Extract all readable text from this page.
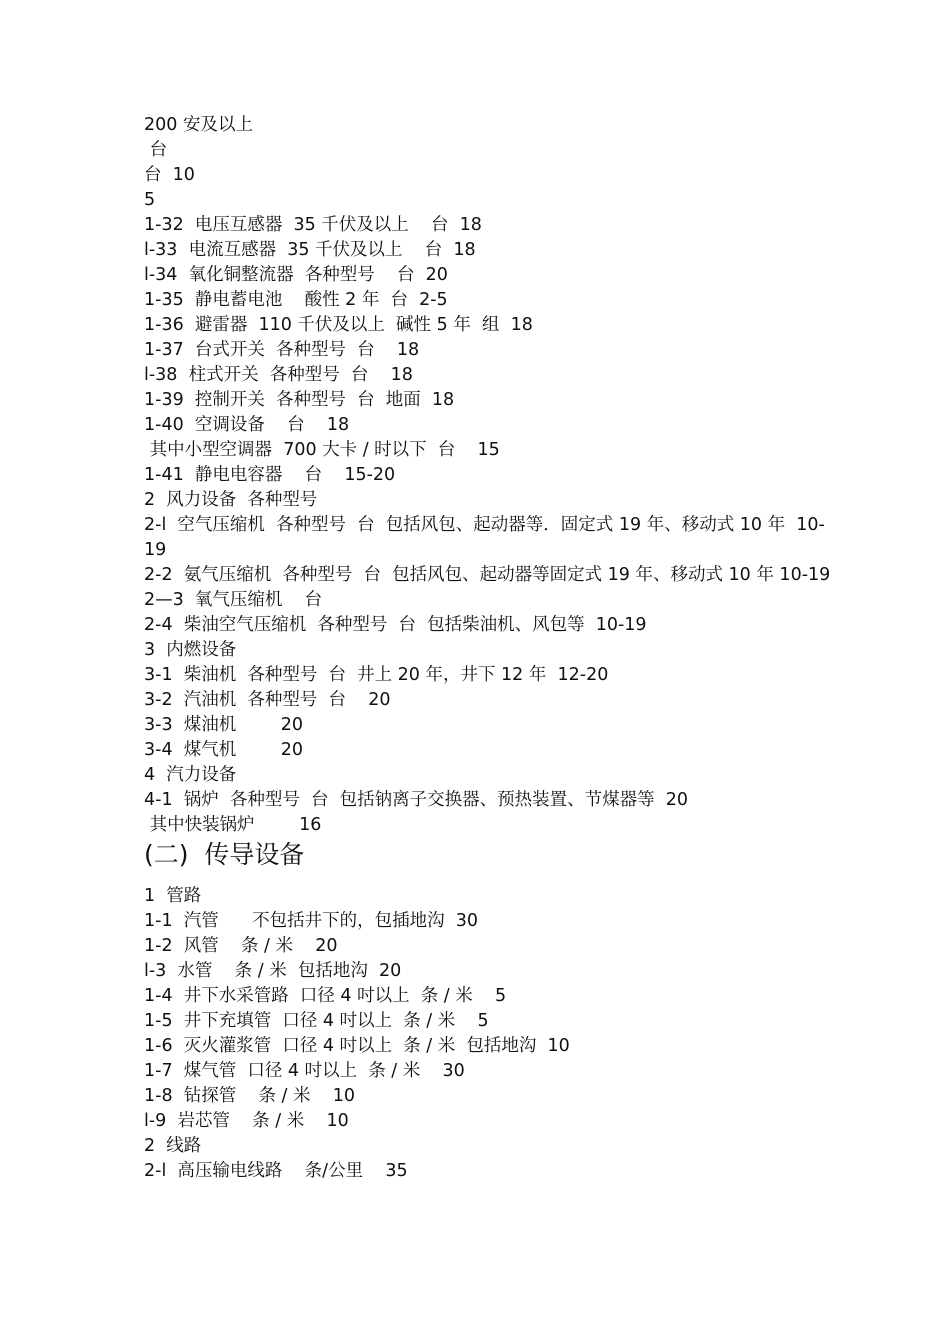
200 安及以上
台
台  10
5
1-32  电压互感器  35 千伏及以上    台  18
l-33  电流互感器  35 千伏及以上    台  18
l-34  氧化铜整流器  各种型号    台  20
1-35  静电蓄电池    酸性 2 年  台  2-5
1-36  避雷器  110 千伏及以上  碱性 5 年  组  18
1-37  台式开关  各种型号  台    18
l-38  柱式开关  各种型号  台    18
1-39  控制开关  各种型号  台  地面  18
1-40  空调设备    台    18
其中小型空调器  700 大卡 / 时以下  台    15
1-41  静电电容器    台    15-20
2  风力设备  各种型号
2-l  空气压缩机  各种型号  台  包括风包、起动器等．固定式 19 年、移动式 10 年  10-19
2-2  氨气压缩机  各种型号  台  包括风包、起动器等固定式 19 年、移动式 10 年 10-19
2—3  氧气压缩机    台
2-4  柴油空气压缩机  各种型号  台  包括柴油机、风包等  10-19
3  内燃设备
3-1  柴油机  各种型号  台  井上 20 年，井下 12 年  12-20
3-2  汽油机  各种型号  台    20
3-3  煤油机        20
3-4  煤气机        20
4  汽力设备
4-1  锅炉  各种型号  台  包括钠离子交换器、预热装置、节煤器等  20
其中快装锅炉        16
(二)  传导设备
1  管路
1-1  汽管      不包括井下的，包插地沟  30
1-2  风管    条 / 米    20
l-3  水管    条 / 米  包括地沟  20
1-4  井下水采管路  口径 4 吋以上  条 / 米    5
1-5  井下充填管  口径 4 吋以上  条 / 米    5
1-6  灭火灌浆管  口径 4 吋以上  条 / 米  包括地沟  10
1-7  煤气管  口径 4 吋以上  条 / 米    30
1-8  钻探管    条 / 米    10
l-9  岩芯管    条 / 米    10
2  线路
2-l  高压输电线路    条/公里    35
